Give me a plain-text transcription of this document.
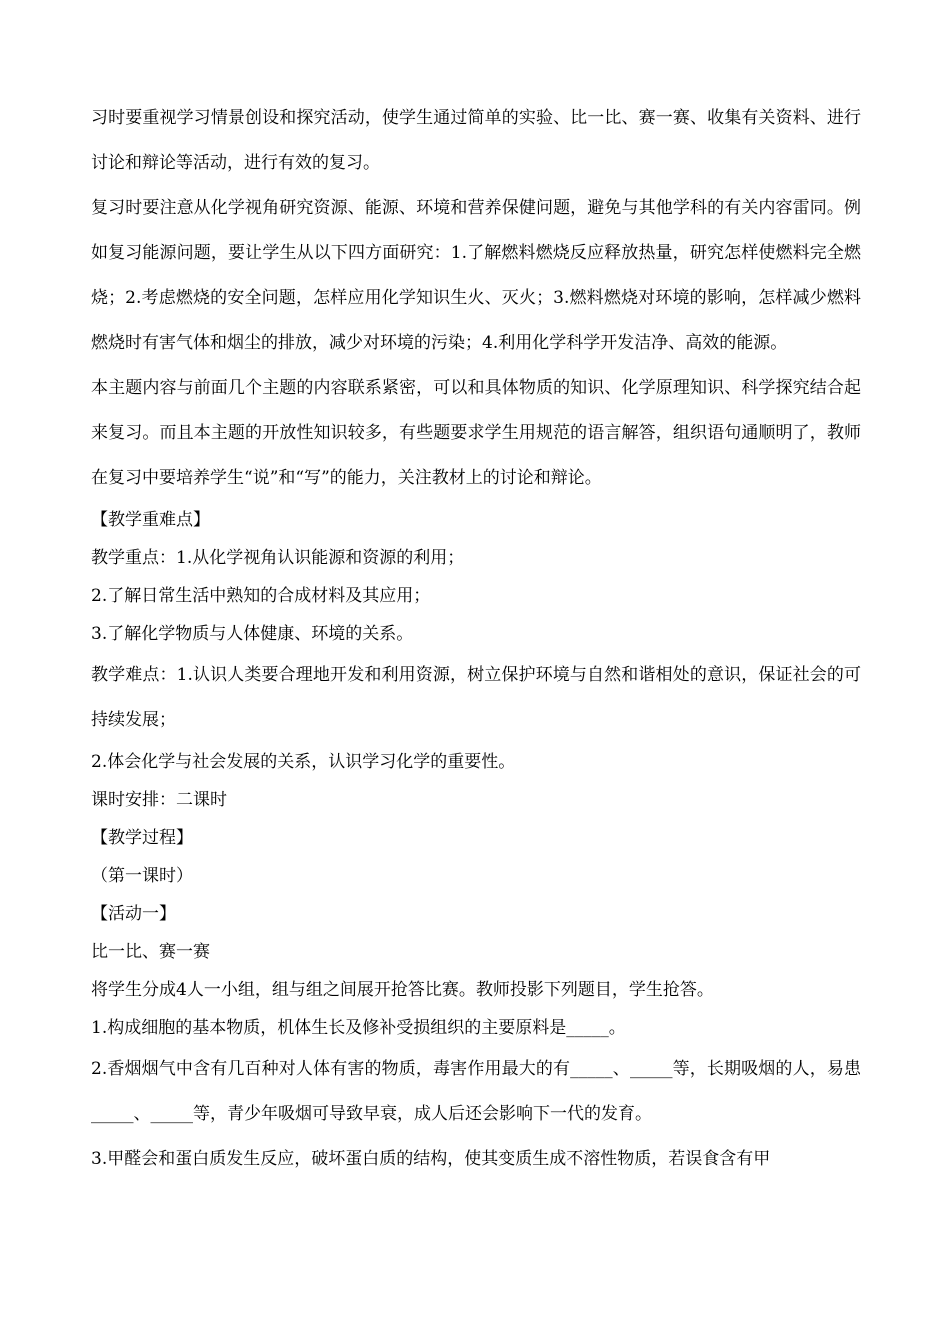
习时要重视学习情景创设和探究活动，使学生通过简单的实验、比一比、赛一赛、收集有关资料、进行讨论和辩论等活动，进行有效的复习。

复习时要注意从化学视角研究资源、能源、环境和营养保健问题，避免与其他学科的有关内容雷同。例如复习能源问题，要让学生从以下四方面研究：1.了解燃料燃烧反应释放热量，研究怎样使燃料完全燃烧；2.考虑燃烧的安全问题，怎样应用化学知识生火、灭火；3.燃料燃烧对环境的影响，怎样减少燃料燃烧时有害气体和烟尘的排放，减少对环境的污染；4.利用化学科学开发洁净、高效的能源。

本主题内容与前面几个主题的内容联系紧密，可以和具体物质的知识、化学原理知识、科学探究结合起来复习。而且本主题的开放性知识较多，有些题要求学生用规范的语言解答，组织语句通顺明了，教师在复习中要培养学生“说”和“写”的能力，关注教材上的讨论和辩论。

【教学重难点】

教学重点：1.从化学视角认识能源和资源的利用；

2.了解日常生活中熟知的合成材料及其应用；

3.了解化学物质与人体健康、环境的关系。

教学难点：1.认识人类要合理地开发和利用资源，树立保护环境与自然和谐相处的意识，保证社会的可持续发展；

2.体会化学与社会发展的关系，认识学习化学的重要性。

课时安排：二课时

【教学过程】

（第一课时）

【活动一】

比一比、赛一赛

将学生分成4人一小组，组与组之间展开抢答比赛。教师投影下列题目，学生抢答。

1.构成细胞的基本物质，机体生长及修补受损组织的主要原料是_____。

2.香烟烟气中含有几百种对人体有害的物质，毒害作用最大的有_____、_____等，长期吸烟的人，易患_____、_____等，青少年吸烟可导致早衰，成人后还会影响下一代的发育。

3.甲醛会和蛋白质发生反应，破坏蛋白质的结构，使其变质生成不溶性物质，若误食含有甲
